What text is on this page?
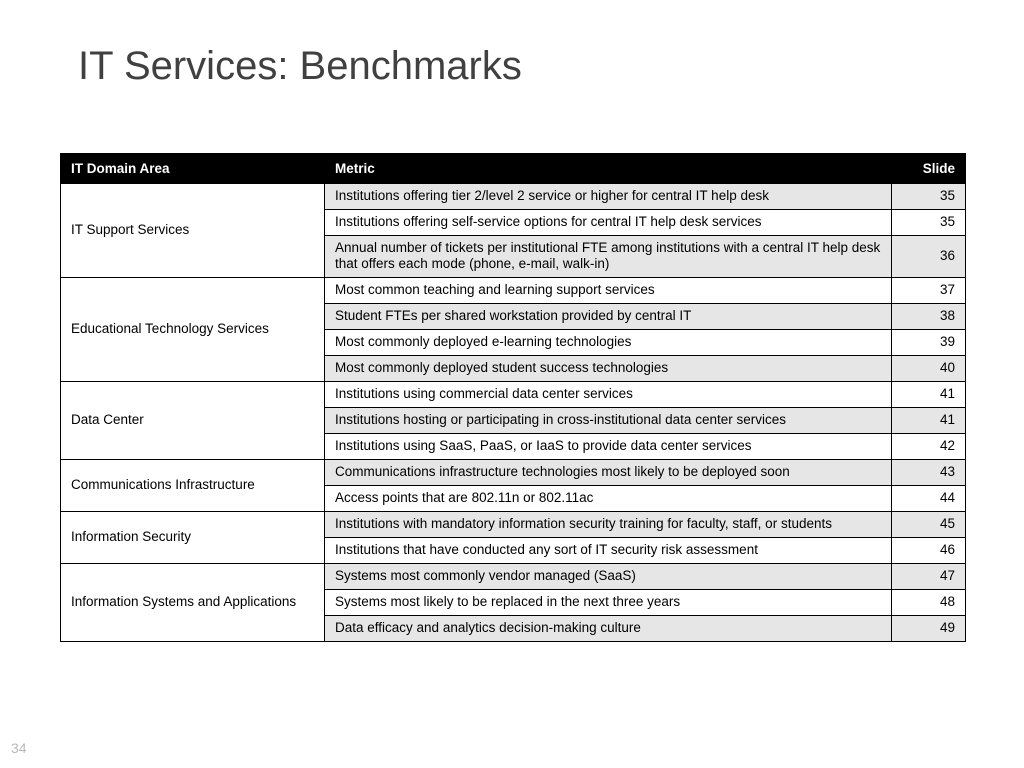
IT Services: Benchmarks
IT Domain Area	Metric	Slide
IT Support Services	Institutions offering tier 2/level 2 service or higher for central IT help desk	35
	Institutions offering self-service options for central IT help desk services	35
	Annual number of tickets per institutional FTE among institutions with a central IT help desk that offers each mode (phone, e-mail, walk-in)	36
Educational Technology Services	Most common teaching and learning support services	37
	Student FTEs per shared workstation provided by central IT	38
	Most commonly deployed e-learning technologies	39
	Most commonly deployed student success technologies	40
Data Center	Institutions using commercial data center services	41
	Institutions hosting or participating in cross-institutional data center services	41
	Institutions using SaaS, PaaS, or IaaS to provide data center services	42
Communications Infrastructure	Communications infrastructure technologies most likely to be deployed soon	43
	Access points that are 802.11n or 802.11ac	44
Information Security	Institutions with mandatory information security training for faculty, staff, or students	45
	Institutions that have conducted any sort of IT security risk assessment	46
Information Systems and Applications	Systems most commonly vendor managed (SaaS)	47
	Systems most likely to be replaced in the next three years	48
	Data efficacy and analytics decision-making culture	49
34
